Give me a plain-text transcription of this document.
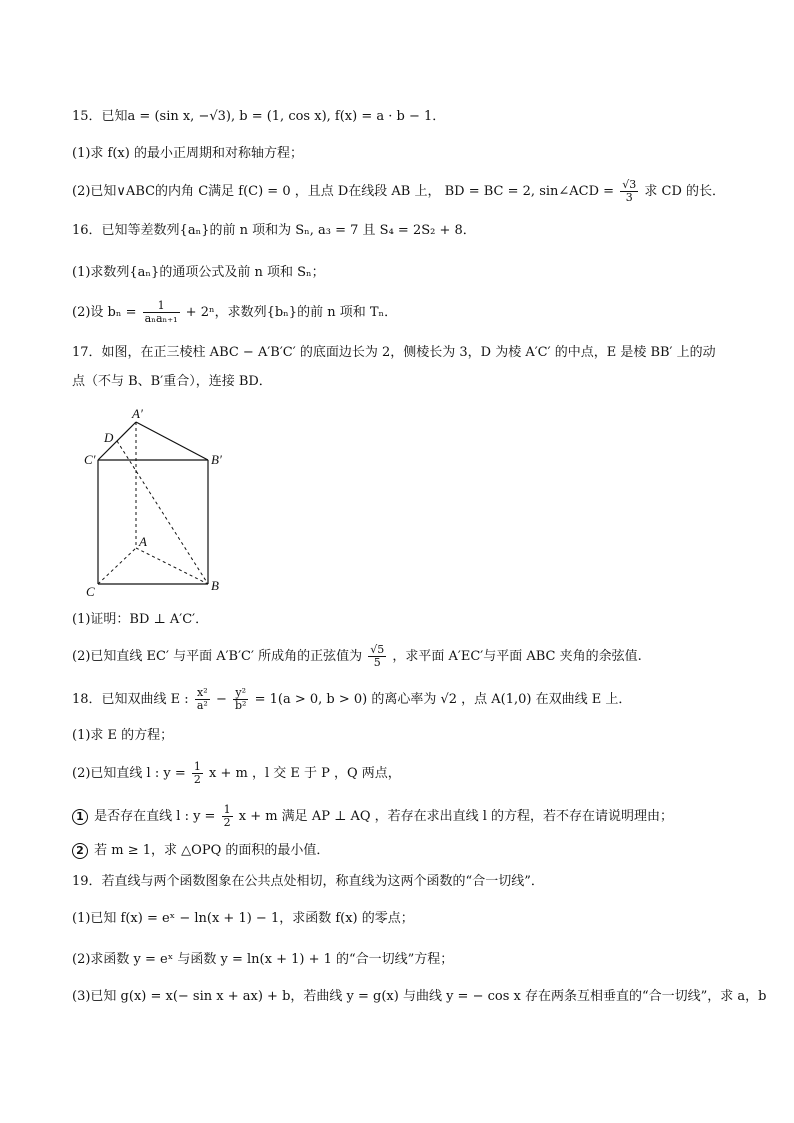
15．已知a = (sin x, −√3), b = (1, cos x), f(x) = a · b − 1．
(1)求 f(x) 的最小正周期和对称轴方程；
(2)已知∨ABC的内角 C满足 f(C) = 0 ，且点 D在线段 AB 上， BD = BC = 2, sin∠ACD = $\frac{√3}{3}$ 求 CD 的长．
16．已知等差数列{aₙ}的前 n 项和为 Sₙ, a₃ = 7 且 S₄ = 2S₂ + 8．
(1)求数列{aₙ}的通项公式及前 n 项和 Sₙ；
(2)设 $b_n = \frac{1}{\text{aₙaₙ₊₁}} + 2^n$，求数列{bₙ}的前 n 项和 Tₙ．
17．如图，在正三棱柱 ABC − A′B′C′ 的底面边长为 2，侧棱长为 3，D 为棱 A′C′ 的中点，E 是棱 BB′ 上的动
点（不与 B、B′重合），连接 BD．
A′
D
C′	B′
A
C	B
(1)证明：BD ⊥ A′C′．
(2)已知直线 EC′ 与平面 A′B′C′ 所成角的正弦值为 $\frac{√5}{5}$ ，求平面 A′EC′与平面 ABC 夹角的余弦值.
18．已知双曲线 E : $\frac{\text{x²}}{\text{a²}} - \frac{\text{y²}}{\text{b²}} = 1(a > 0$, b > 0) 的离心率为 √2 ，点 A(1,0) 在双曲线 E 上．
(1)求 E 的方程；
(2)已知直线 l : $y = \frac{1}{2}$ x + m ，l 交 E 于 P ，Q 两点，
1 是否存在直线 l : $y = \frac{1}{2}$ x + m 满足 AP ⊥ AQ ，若存在求出直线 l 的方程，若不存在请说明理由；
2 若 m ≥ 1，求 △OPQ 的面积的最小值．
19．若直线与两个函数图象在公共点处相切，称直线为这两个函数的“合一切线”．
(1)已知 f(x) = eˣ − ln(x + 1) − 1，求函数 f(x) 的零点；
(2)求函数 y = eˣ 与函数 y = ln(x + 1) + 1 的“合一切线”方程；
(3)已知 g(x) = x(− sin x + ax) + b，若曲线 y = g(x) 与曲线 y = − cos x 存在两条互相垂直的“合一切线”，求 a，b
